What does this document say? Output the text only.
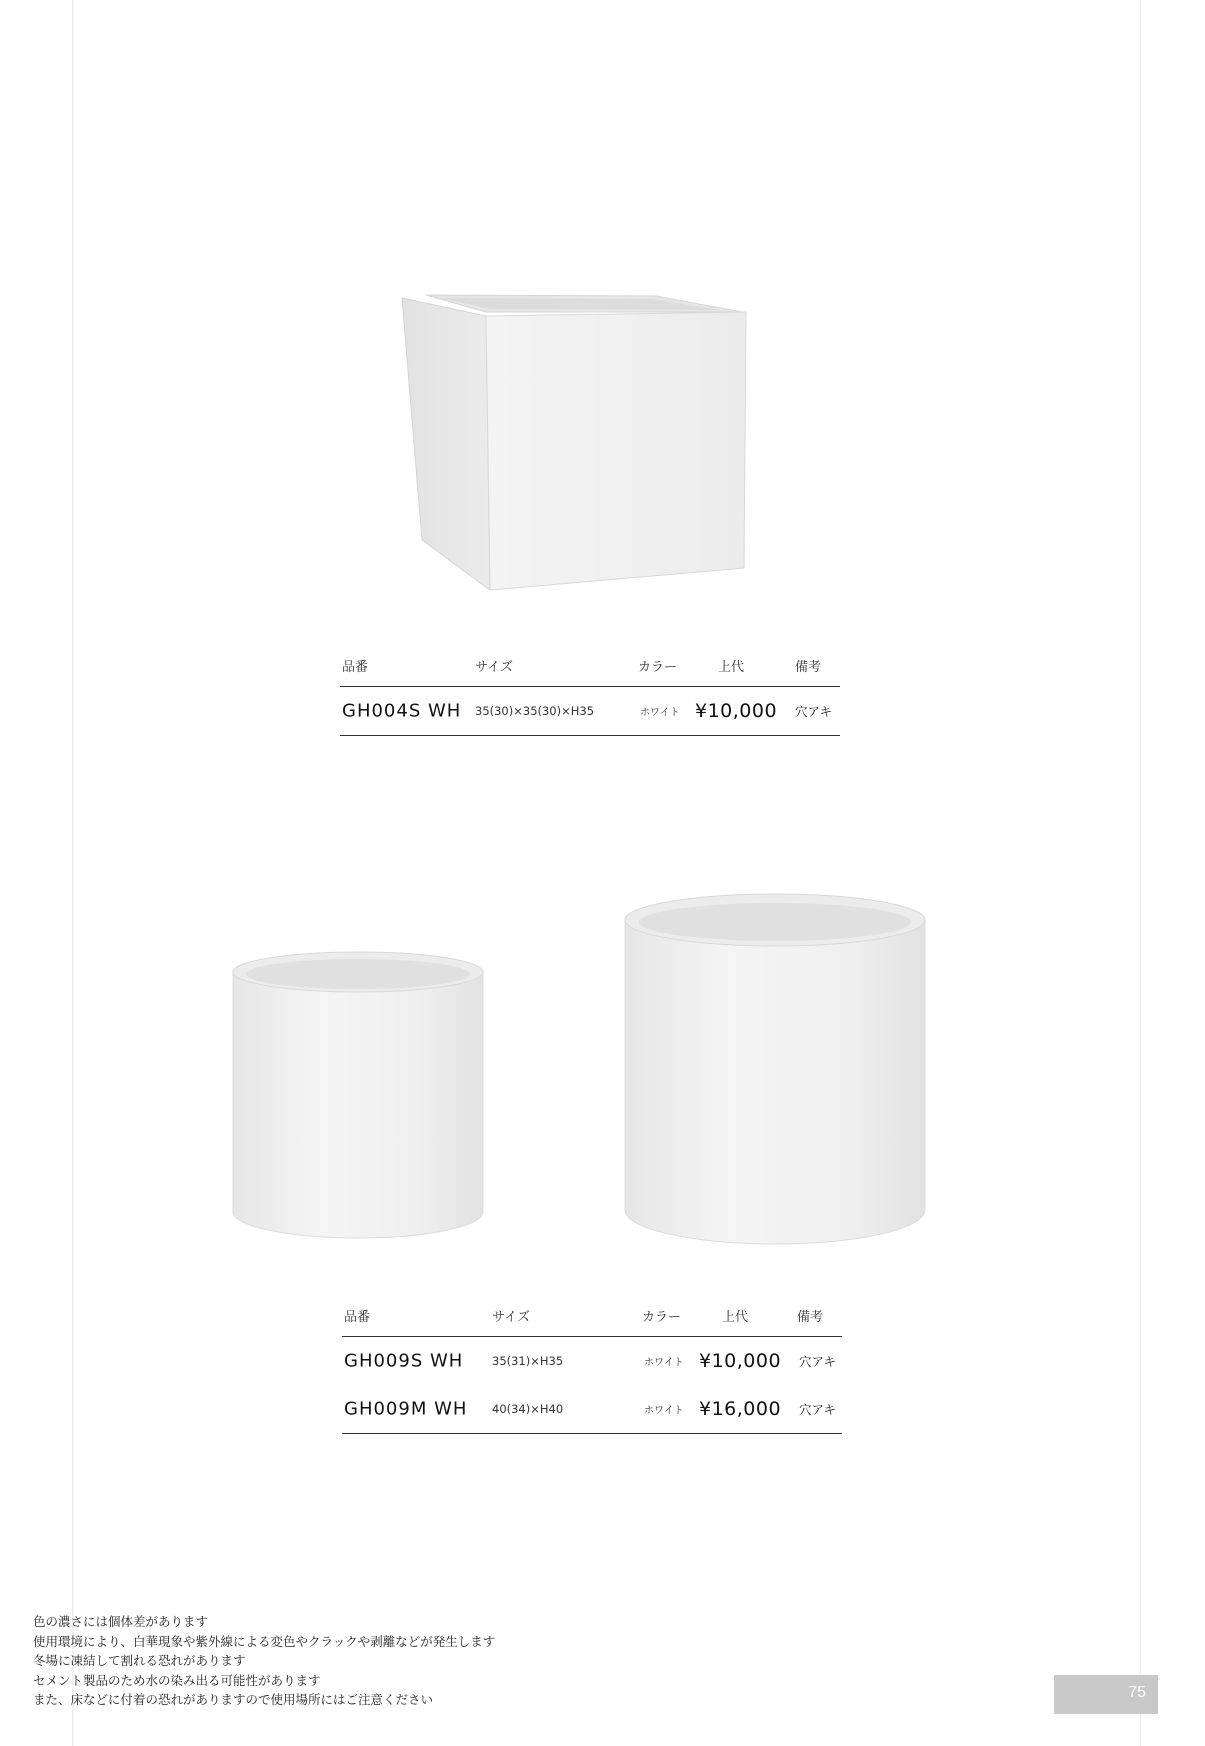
品番	サイズ	カラー	上代	備考
GH004S WH 35(30)×35(30)×H35	ホワイト ¥10,000 穴アキ
品番	サイズ	カラー	上代	備考
GH009S WH 35(31)×H35	ホワイト ¥10,000 穴アキ
GH009M WH 40(34)×H40	ホワイト ¥16,000 穴アキ
色の濃さには個体差があります
使用環境により、白華現象や紫外線による変色やクラックや剥離などが発生します
冬場に凍結して割れる恐れがあります
セメント製品のため水の染み出る可能性があります
また、床などに付着の恐れがありますので使用場所にはご注意ください	75
